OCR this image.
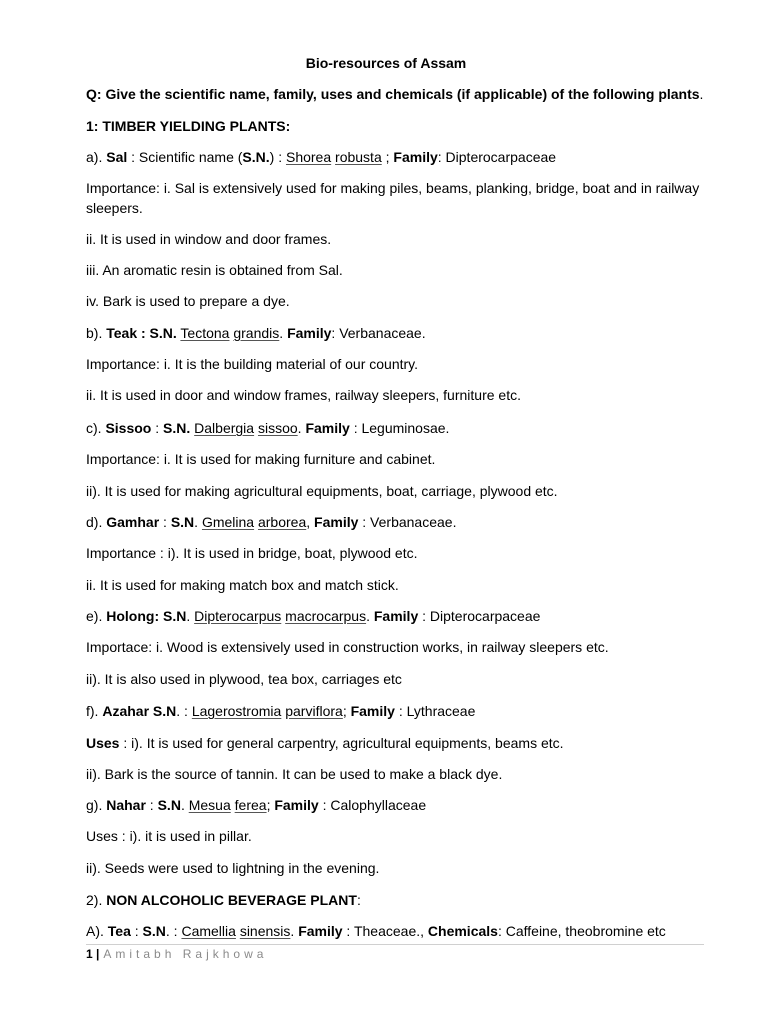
Bio-resources of Assam
Q: Give the scientific name, family, uses and chemicals (if applicable) of the following plants.
1: TIMBER YIELDING PLANTS:
a). Sal : Scientific name (S.N.) : Shorea robusta ; Family: Dipterocarpaceae
Importance: i. Sal is extensively used for making piles, beams, planking, bridge, boat and in railway sleepers.
ii. It is used in window and door frames.
iii. An aromatic resin is obtained from Sal.
iv. Bark is used to prepare a dye.
b). Teak : S.N. Tectona grandis. Family: Verbanaceae.
Importance: i. It is the building material of our country.
ii. It is used in door and window frames, railway sleepers, furniture etc.
c). Sissoo : S.N. Dalbergia sissoo. Family : Leguminosae.
Importance: i. It is used for making furniture and cabinet.
ii). It is used for making agricultural equipments, boat, carriage, plywood etc.
d). Gamhar : S.N. Gmelina arborea, Family : Verbanaceae.
Importance : i). It is used in bridge, boat, plywood etc.
ii. It is used for making match box and match stick.
e). Holong: S.N. Dipterocarpus macrocarpus. Family : Dipterocarpaceae
Importace: i. Wood is extensively used in construction works, in railway sleepers etc.
ii). It is also used in plywood, tea box, carriages etc
f). Azahar S.N. : Lagerostromia parviflora; Family : Lythraceae
Uses : i). It is used for general carpentry, agricultural equipments, beams etc.
ii). Bark is the source of tannin. It can be used to make a black dye.
g). Nahar : S.N. Mesua ferea; Family : Calophyllaceae
Uses : i). it is used in pillar.
ii). Seeds were used to lightning in the evening.
2). NON ALCOHOLIC BEVERAGE PLANT:
A). Tea : S.N. : Camellia sinensis. Family : Theaceae., Chemicals: Caffeine, theobromine etc
1 | Amitabh Rajkhowa
